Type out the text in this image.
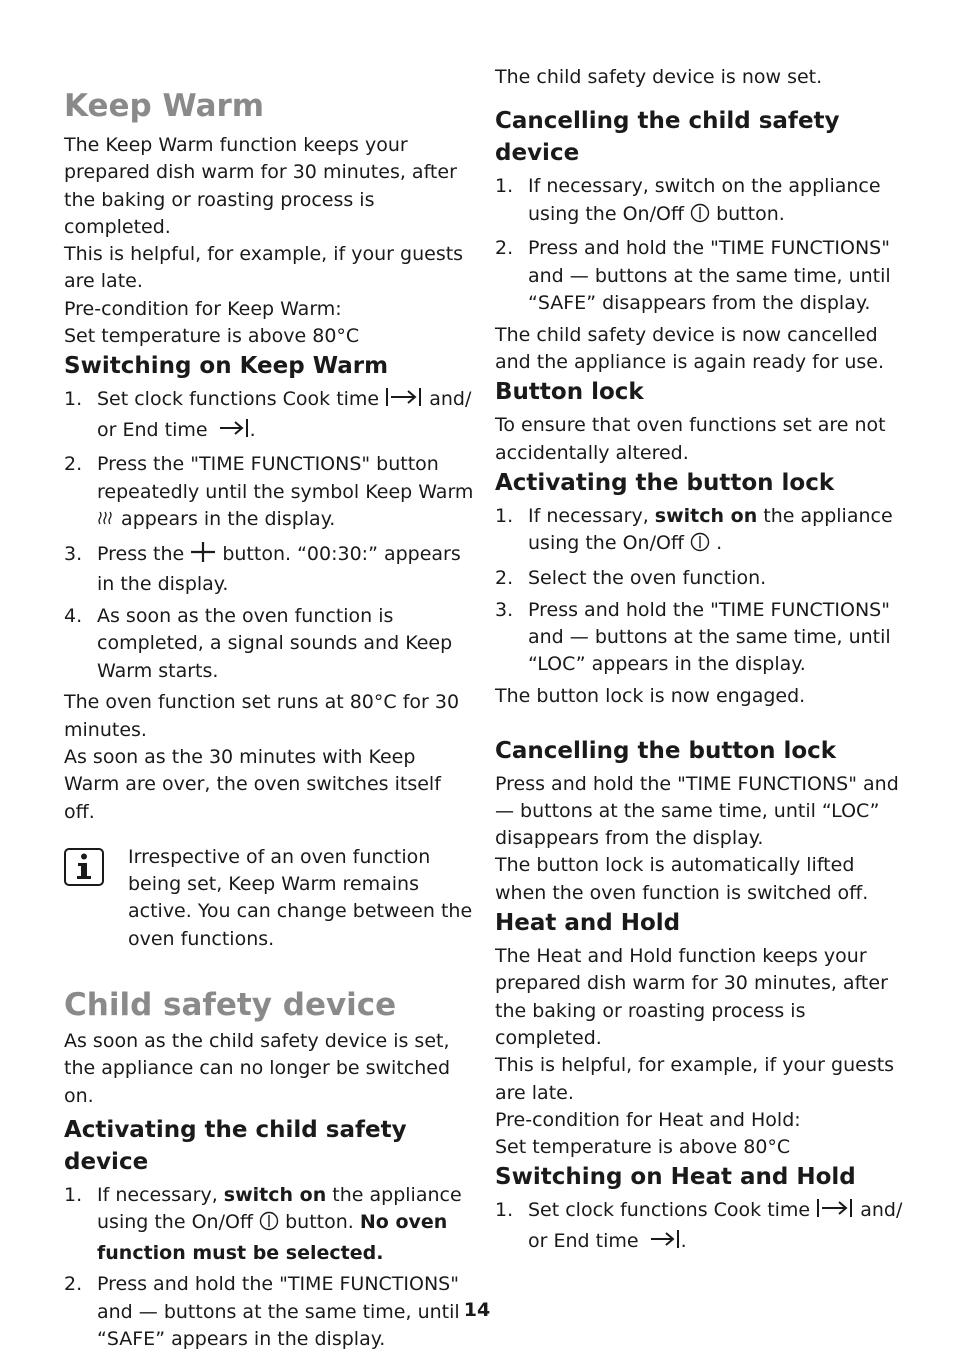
Keep Warm

The Keep Warm function keeps your prepared dish warm for 30 minutes, after the baking or roasting process is completed.

This is helpful, for example, if your guests are late.

Pre-condition for Keep Warm:

Set temperature is above 80°C

Switching on Keep Warm
1. Set clock functions Cook time	and/ or End time .
2. Press the "TIME FUNCTIONS" button repeatedly until the symbol Keep Warm  appears in the display.
3. Press the button. “00:30:” appears in the display.
4. As soon as the oven function is completed, a signal sounds and Keep Warm starts.

The oven function set runs at 80°C for 30 minutes.

As soon as the 30 minutes with Keep Warm are over, the oven switches itself off.

Irrespective of an oven function being set, Keep Warm remains active. You can change between the oven functions.

Child safety device

As soon as the child safety device is set, the appliance can no longer be switched on.

Activating the child safety device
1. If necessary, switch on the appliance using the On/Off button. No oven function must be selected.
2. Press and hold the "TIME FUNCTIONS" and — buttons at the same time, until “SAFE” appears in the display.

The child safety device is now set.

Cancelling the child safety device
1. If necessary, switch on the appliance using the On/Off button.
2. Press and hold the "TIME FUNCTIONS" and — buttons at the same time, until “SAFE” disappears from the display.

The child safety device is now cancelled and the appliance is again ready for use.

Button lock

To ensure that oven functions set are not accidentally altered.

Activating the button lock
1. If necessary, switch on the appliance using the On/Off .
2. Select the oven function.
3. Press and hold the "TIME FUNCTIONS" and — buttons at the same time, until “LOC” appears in the display.

The button lock is now engaged.

Cancelling the button lock

Press and hold the "TIME FUNCTIONS" and — buttons at the same time, until “LOC” disappears from the display.

The button lock is automatically lifted when the oven function is switched off.

Heat and Hold

The Heat and Hold function keeps your prepared dish warm for 30 minutes, after the baking or roasting process is completed.

This is helpful, for example, if your guests are late.

Pre-condition for Heat and Hold:

Set temperature is above 80°C

Switching on Heat and Hold
1. Set clock functions Cook time	and/ or End time .
14
